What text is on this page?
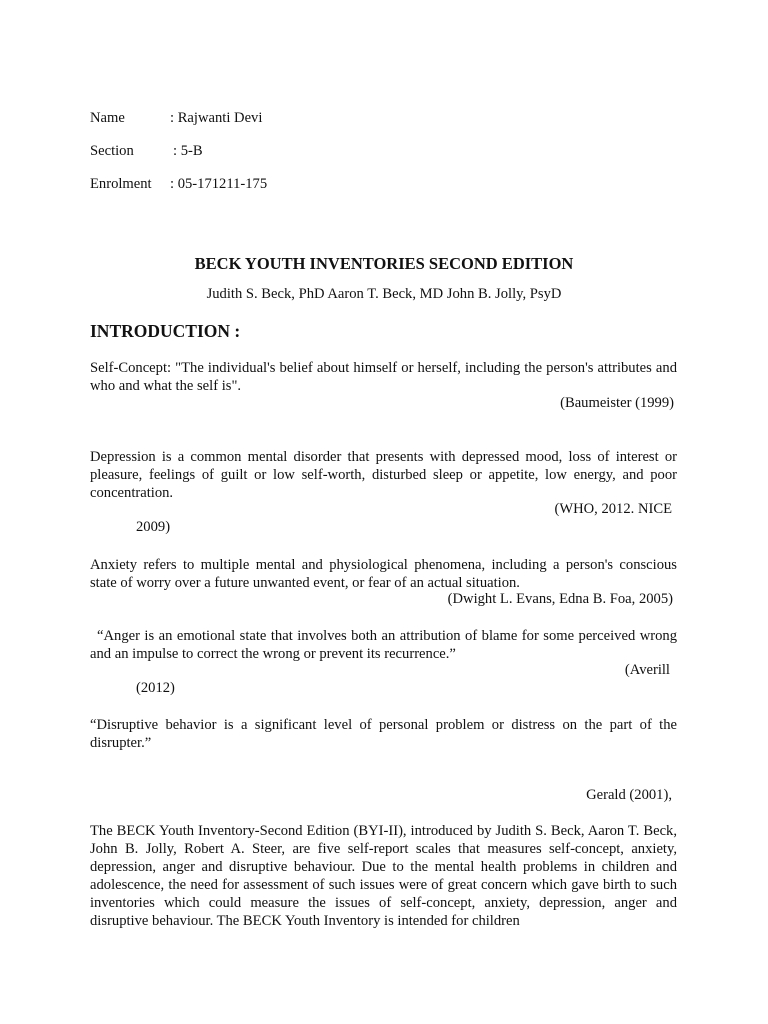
Name	: Rajwanti Devi
Section	: 5-B
Enrolment : 05-171211-175
BECK YOUTH INVENTORIES SECOND EDITION
Judith S. Beck, PhD Aaron T. Beck, MD John B. Jolly, PsyD
INTRODUCTION :
Self-Concept: "The individual's belief about himself or herself, including the person's attributes and who and what the self is".
(Baumeister (1999)
Depression is a common mental disorder that presents with depressed mood, loss of interest or pleasure, feelings of guilt or low self-worth, disturbed sleep or appetite, low energy, and poor concentration.
(WHO, 2012. NICE
2009)
Anxiety refers to multiple mental and physiological phenomena, including a person's conscious state of worry over a future unwanted event, or fear of an actual situation.
(Dwight L. Evans, Edna B. Foa, 2005)
“Anger is an emotional state that involves both an attribution of blame for some perceived wrong and an impulse to correct the wrong or prevent its recurrence.”
(Averill
(2012)
“Disruptive behavior is a significant level of personal problem or distress on the part of the disrupter.”
Gerald (2001),
The BECK Youth Inventory-Second Edition (BYI-II), introduced by Judith S. Beck, Aaron T. Beck, John B. Jolly, Robert A. Steer, are five self-report scales that measures self-concept, anxiety, depression, anger and disruptive behaviour. Due to the mental health problems in children and adolescence, the need for assessment of such issues were of great concern which gave birth to such inventories which could measure the issues of self-concept, anxiety, depression, anger and disruptive behaviour. The BECK Youth Inventory is intended for children
